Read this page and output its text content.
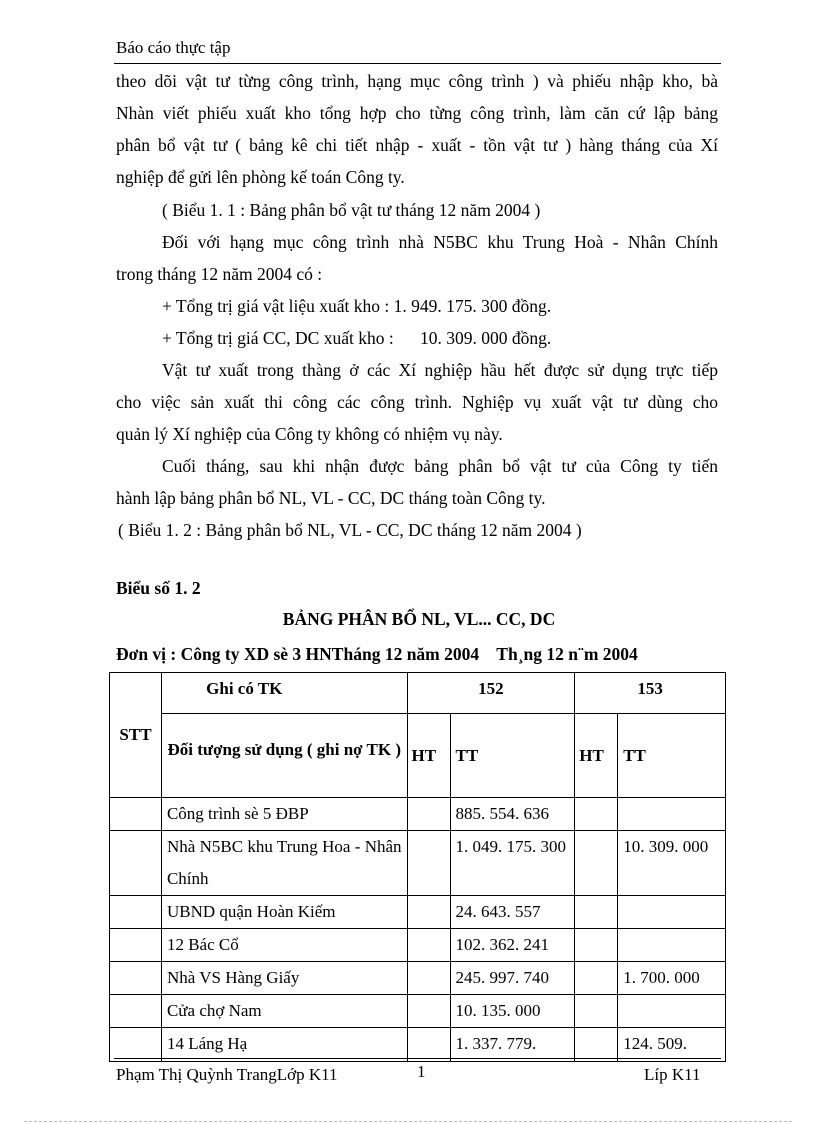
Báo cáo thực tập
theo dõi vật tư từng công trình, hạng mục công trình ) và phiếu nhập kho, bà
Nhàn viết phiếu xuất kho tổng hợp cho từng công trình, làm căn cứ lập bảng
phân bổ vật tư ( bảng kê chi tiết nhập - xuất - tồn vật tư ) hàng tháng của Xí
nghiệp để gửi lên phòng kế toán Công ty.
( Biểu 1. 1 : Bảng phân bổ vật tư tháng 12 năm 2004 )
Đối với hạng mục công trình nhà N5BC khu Trung Hoà - Nhân Chính
trong tháng 12 năm 2004 có :
+ Tổng trị giá vật liệu xuất kho : 1. 949. 175. 300 đồng.
+ Tổng trị giá CC, DC xuất kho :      10. 309. 000 đồng.
Vật tư xuất trong thàng ở các Xí nghiệp hầu hết được sử dụng trực tiếp
cho việc sản xuất thi công các công trình. Nghiệp vụ xuất vật tư dùng cho
quản lý Xí nghiệp của Công ty không có nhiệm vụ này.
Cuối tháng, sau khi nhận được bảng phân bổ vật tư của Công ty tiến
hành lập bảng phân bổ NL, VL - CC, DC tháng toàn Công ty.
( Biểu 1. 2 : Bảng phân bổ NL, VL - CC, DC tháng 12 năm 2004 )
Biểu số 1. 2
BẢNG PHÂN BỔ NL, VL... CC, DC
Đơn vị : Công ty XD sè 3 HNTháng 12 năm 2004    Th¸ng 12 n¨m 2004
STT	Ghi có TK	152		153	
	Đối tượng sử dụng ( ghi nợ TK )	HT	TT	HT	TT
	Công trình sè 5 ĐBP		885. 554. 636		
	Nhà N5BC khu Trung Hoa - Nhân Chính		1. 049. 175. 300		10. 309. 000
	UBND quận Hoàn Kiếm		24. 643. 557		
	12 Bác Cổ		102. 362. 241		
	Nhà VS Hàng Giấy		245. 997. 740		1. 700. 000
	Cửa chợ Nam		10. 135. 000		
	14 Láng Hạ		1. 337. 779.		124. 509.
Phạm Thị Quỳnh TrangLớp K11	1	Líp K11
